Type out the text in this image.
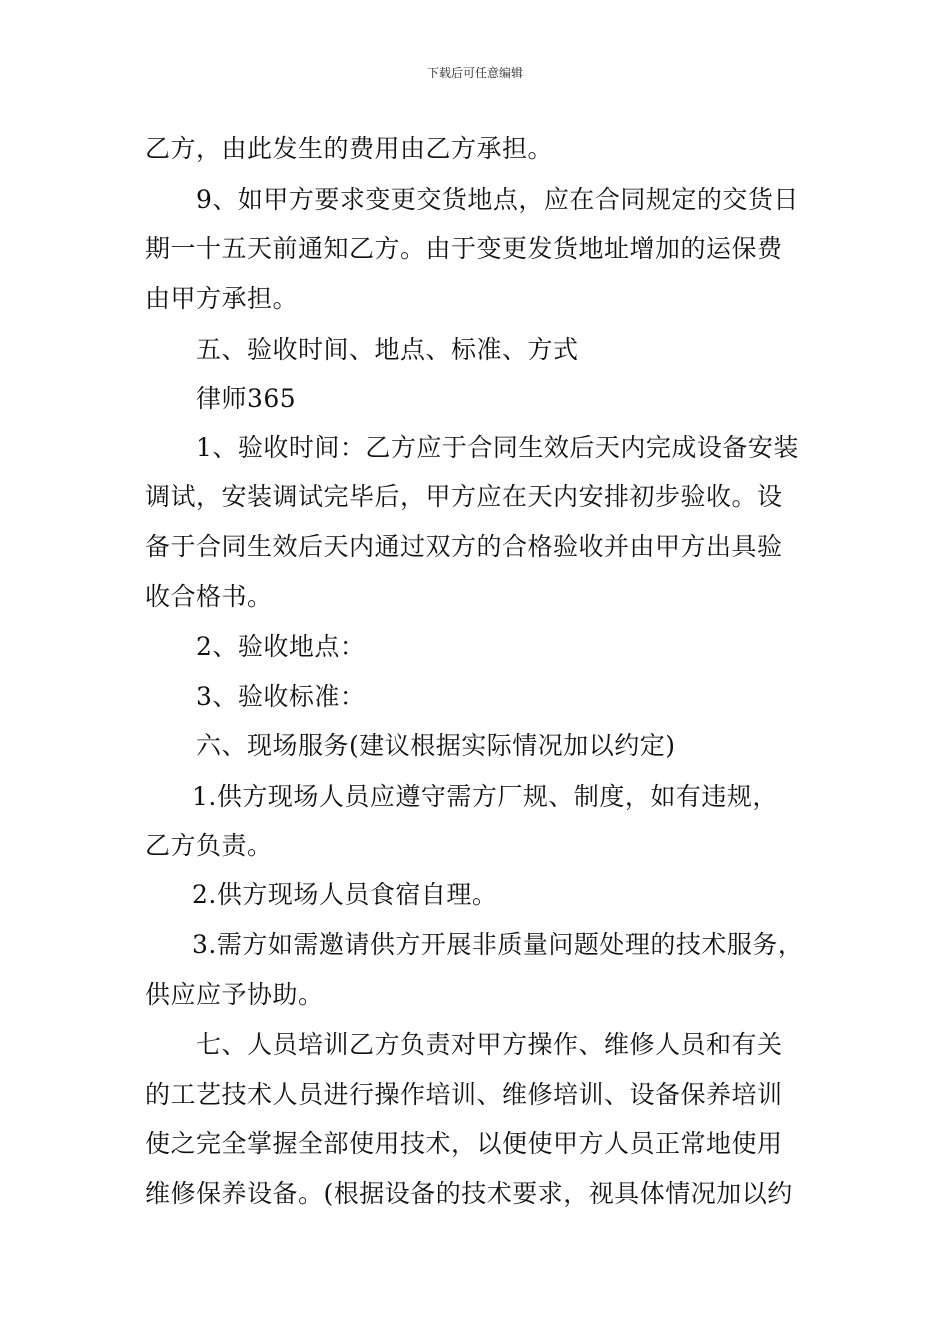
下载后可任意编辑
乙方，由此发生的费用由乙方承担。
9、如甲方要求变更交货地点，应在合同规定的交货日
期一十五天前通知乙方。由于变更发货地址增加的运保费
由甲方承担。
五、验收时间、地点、标准、方式
律师365
1、验收时间：乙方应于合同生效后天内完成设备安装
调试，安装调试完毕后，甲方应在天内安排初步验收。设
备于合同生效后天内通过双方的合格验收并由甲方出具验
收合格书。
2、验收地点：
3、验收标准：
六、现场服务(建议根据实际情况加以约定)
1.供方现场人员应遵守需方厂规、制度，如有违规，
乙方负责。
2.供方现场人员食宿自理。
3.需方如需邀请供方开展非质量问题处理的技术服务，
供应应予协助。
七、人员培训乙方负责对甲方操作、维修人员和有关
的工艺技术人员进行操作培训、维修培训、设备保养培训
使之完全掌握全部使用技术，以便使甲方人员正常地使用
维修保养设备。(根据设备的技术要求，视具体情况加以约
